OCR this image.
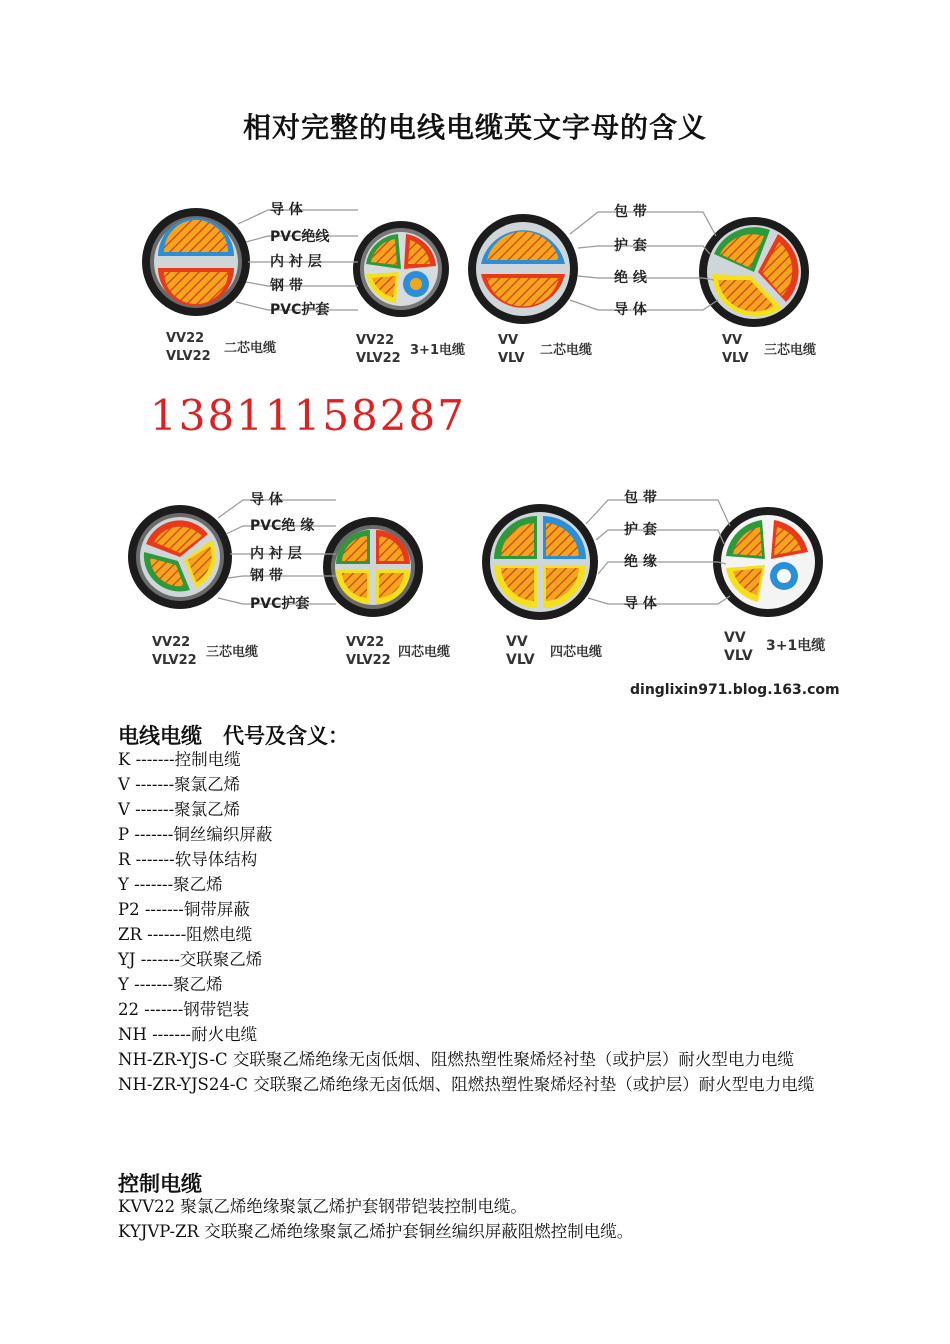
相对完整的电线电缆英文字母的含义
导 体
PVC绝线
内 衬 层
钢 带
PVC护套
包 带
护 套
绝 线
导 体
VV22
VLV22
二芯电缆
VV22
VLV22
3+1电缆
VV
VLV
二芯电缆
VV
VLV
三芯电缆
13811158287
导 体
PVC绝 缘
内 衬 层
钢 带
PVC护套
包 带
护 套
绝 缘
导 体
VV22
VLV22
三芯电缆
VV22
VLV22
四芯电缆
VV
VLV 四芯电缆
VV
VLV
3+1电缆
dinglixin971.blog.163.com
电线电缆　代号及含义：
K -------控制电缆
V -------聚氯乙烯
V -------聚氯乙烯
P -------铜丝编织屏蔽
R -------软导体结构
Y -------聚乙烯
P2 -------铜带屏蔽
ZR -------阻燃电缆
YJ -------交联聚乙烯
Y -------聚乙烯
22 -------钢带铠装
NH -------耐火电缆
NH-ZR-YJS-C 交联聚乙烯绝缘无卤低烟、阻燃热塑性聚烯烃衬垫（或护层）耐火型电力电缆
NH-ZR-YJS24-C 交联聚乙烯绝缘无卤低烟、阻燃热塑性聚烯烃衬垫（或护层）耐火型电力电缆
控制电缆
KVV22 聚氯乙烯绝缘聚氯乙烯护套钢带铠装控制电缆。
KYJVP-ZR 交联聚乙烯绝缘聚氯乙烯护套铜丝编织屏蔽阻燃控制电缆。
